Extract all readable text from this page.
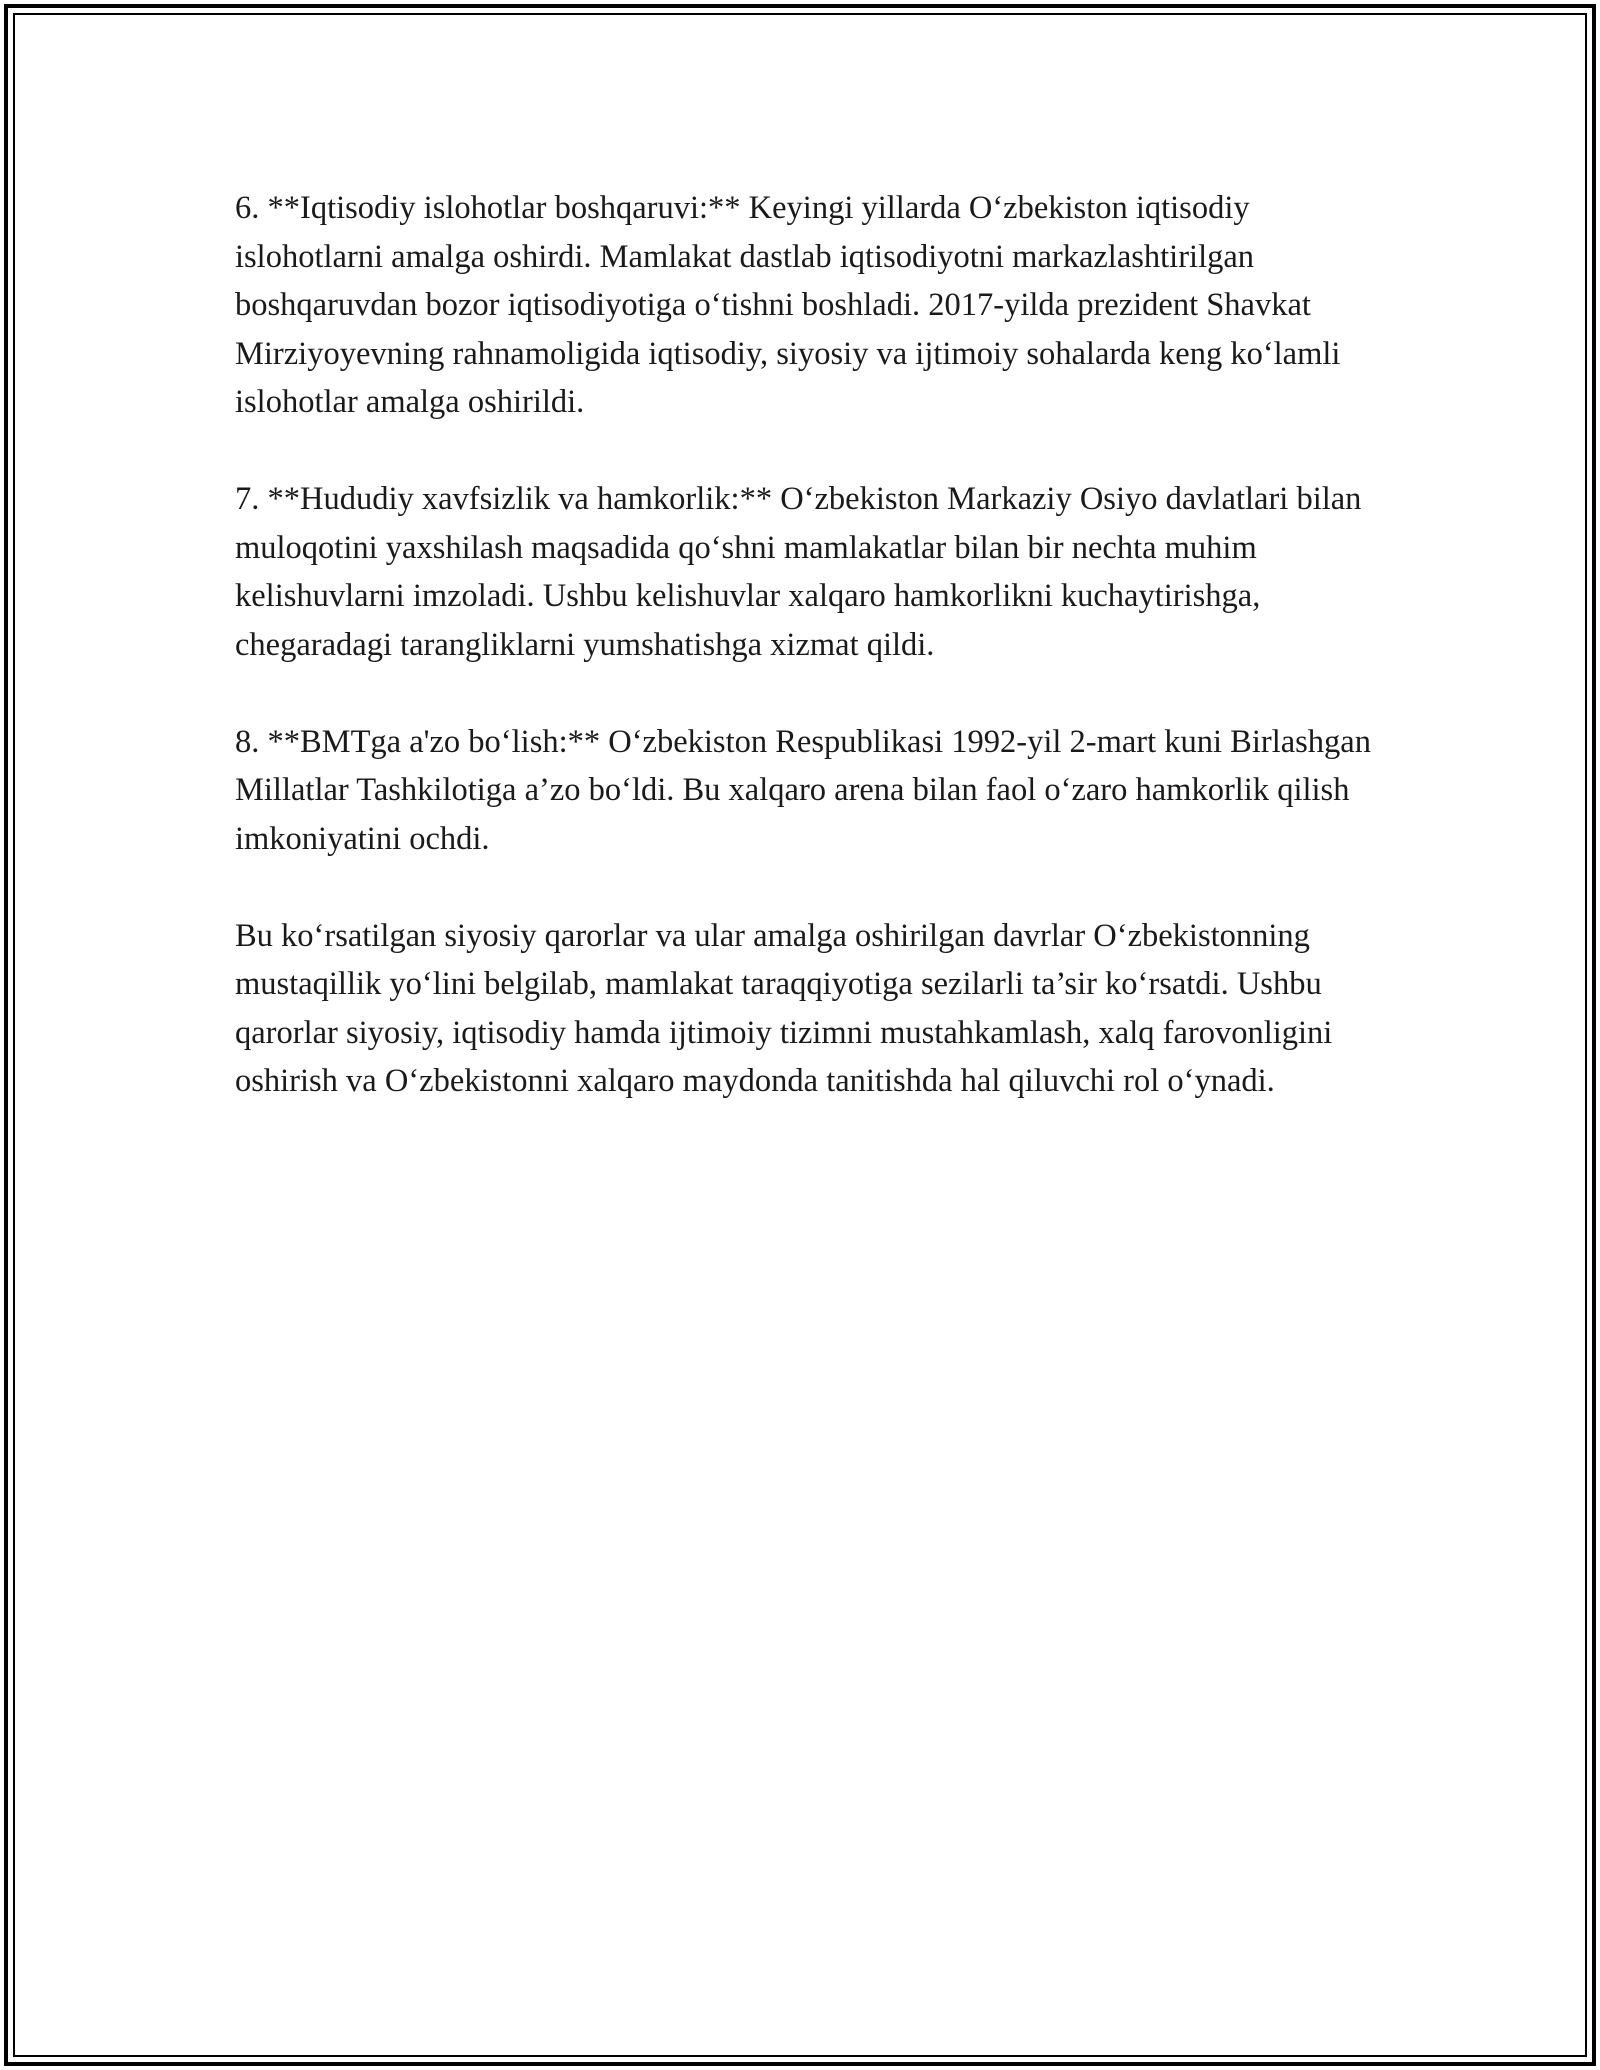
6. **Iqtisodiy islohotlar boshqaruvi:** Keyingi yillarda O‘zbekiston iqtisodiy islohotlarni amalga oshirdi. Mamlakat dastlab iqtisodiyotni markazlashtirilgan boshqaruvdan bozor iqtisodiyotiga o‘tishni boshladi. 2017-yilda prezident Shavkat Mirziyoyevning rahnamoligida iqtisodiy, siyosiy va ijtimoiy sohalarda keng ko‘lamli islohotlar amalga oshirildi.

7. **Hududiy xavfsizlik va hamkorlik:** O‘zbekiston Markaziy Osiyo davlatlari bilan muloqotini yaxshilash maqsadida qo‘shni mamlakatlar bilan bir nechta muhim kelishuvlarni imzoladi. Ushbu kelishuvlar xalqaro hamkorlikni kuchaytirishga, chegaradagi tarangliklarni yumshatishga xizmat qildi.

8. **BMTga a'zo bo‘lish:** O‘zbekiston Respublikasi 1992-yil 2-mart kuni Birlashgan Millatlar Tashkilotiga a’zo bo‘ldi. Bu xalqaro arena bilan faol o‘zaro hamkorlik qilish imkoniyatini ochdi.

Bu ko‘rsatilgan siyosiy qarorlar va ular amalga oshirilgan davrlar O‘zbekistonning mustaqillik yo‘lini belgilab, mamlakat taraqqiyotiga sezilarli ta’sir ko‘rsatdi. Ushbu qarorlar siyosiy, iqtisodiy hamda ijtimoiy tizimni mustahkamlash, xalq farovonligini oshirish va O‘zbekistonni xalqaro maydonda tanitishda hal qiluvchi rol o‘ynadi.
